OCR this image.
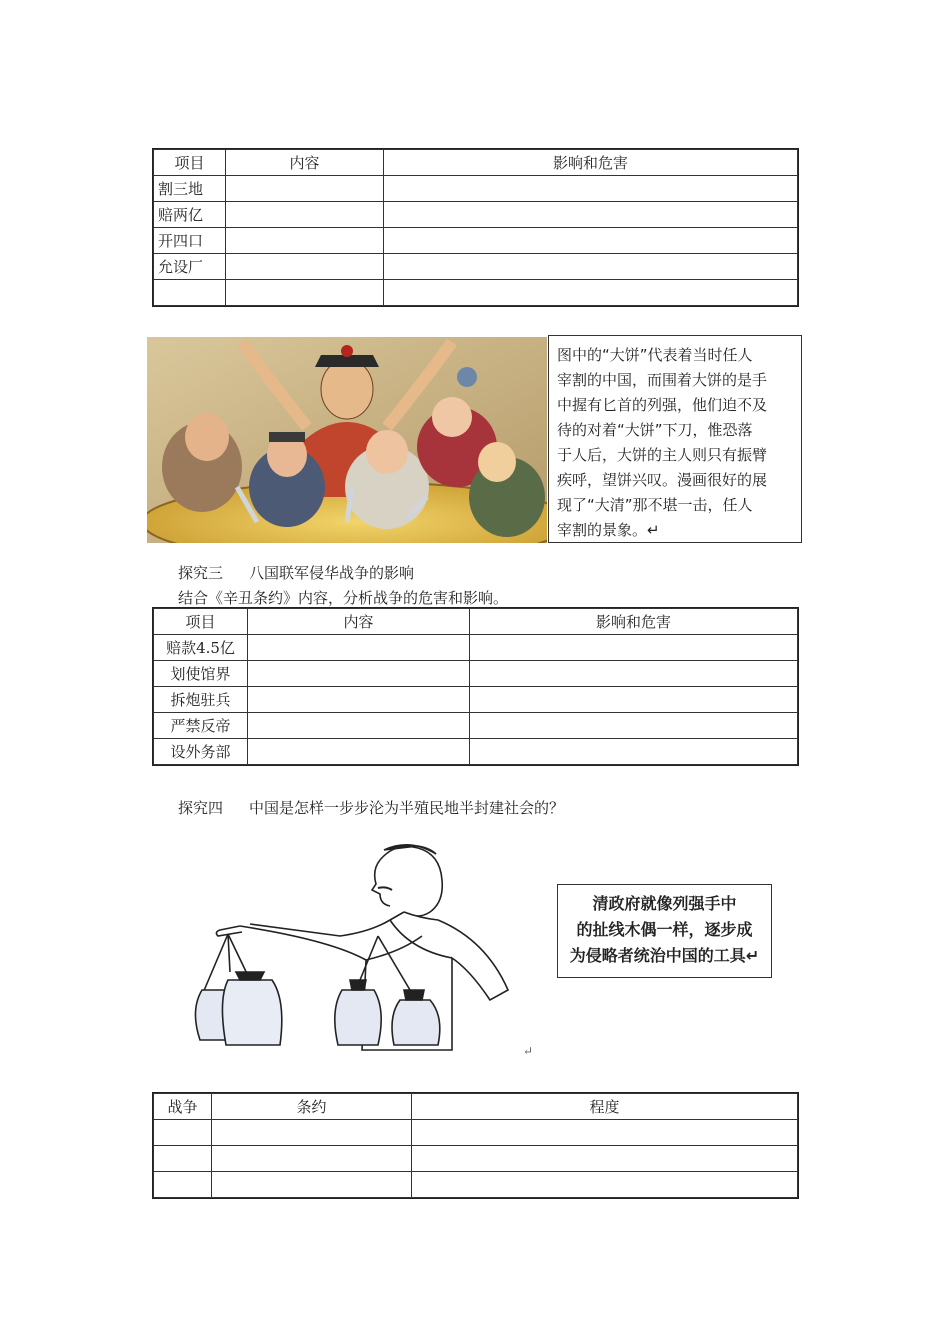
项目	内容	影响和危害
割三地		
赔两亿		
开四口		
允设厂		

图中的“大饼”代表着当时任人
宰割的中国，而围着大饼的是手
中握有匕首的列强，他们迫不及
待的对着“大饼”下刀，惟恐落
于人后，大饼的主人则只有振臂
疾呼，望饼兴叹。漫画很好的展
现了“大清”那不堪一击，任人
宰割的景象。↵
探究三 八国联军侵华战争的影响
结合《辛丑条约》内容，分析战争的危害和影响。
项目	内容	影响和危害
赔款4.5亿		
划使馆界		
拆炮驻兵		
严禁反帝		
设外务部		
探究四 中国是怎样一步步沦为半殖民地半封建社会的？
↵
清政府就像列强手中
的扯线木偶一样，逐步成
为侵略者统治中国的工具↵
战争	条约	程度
